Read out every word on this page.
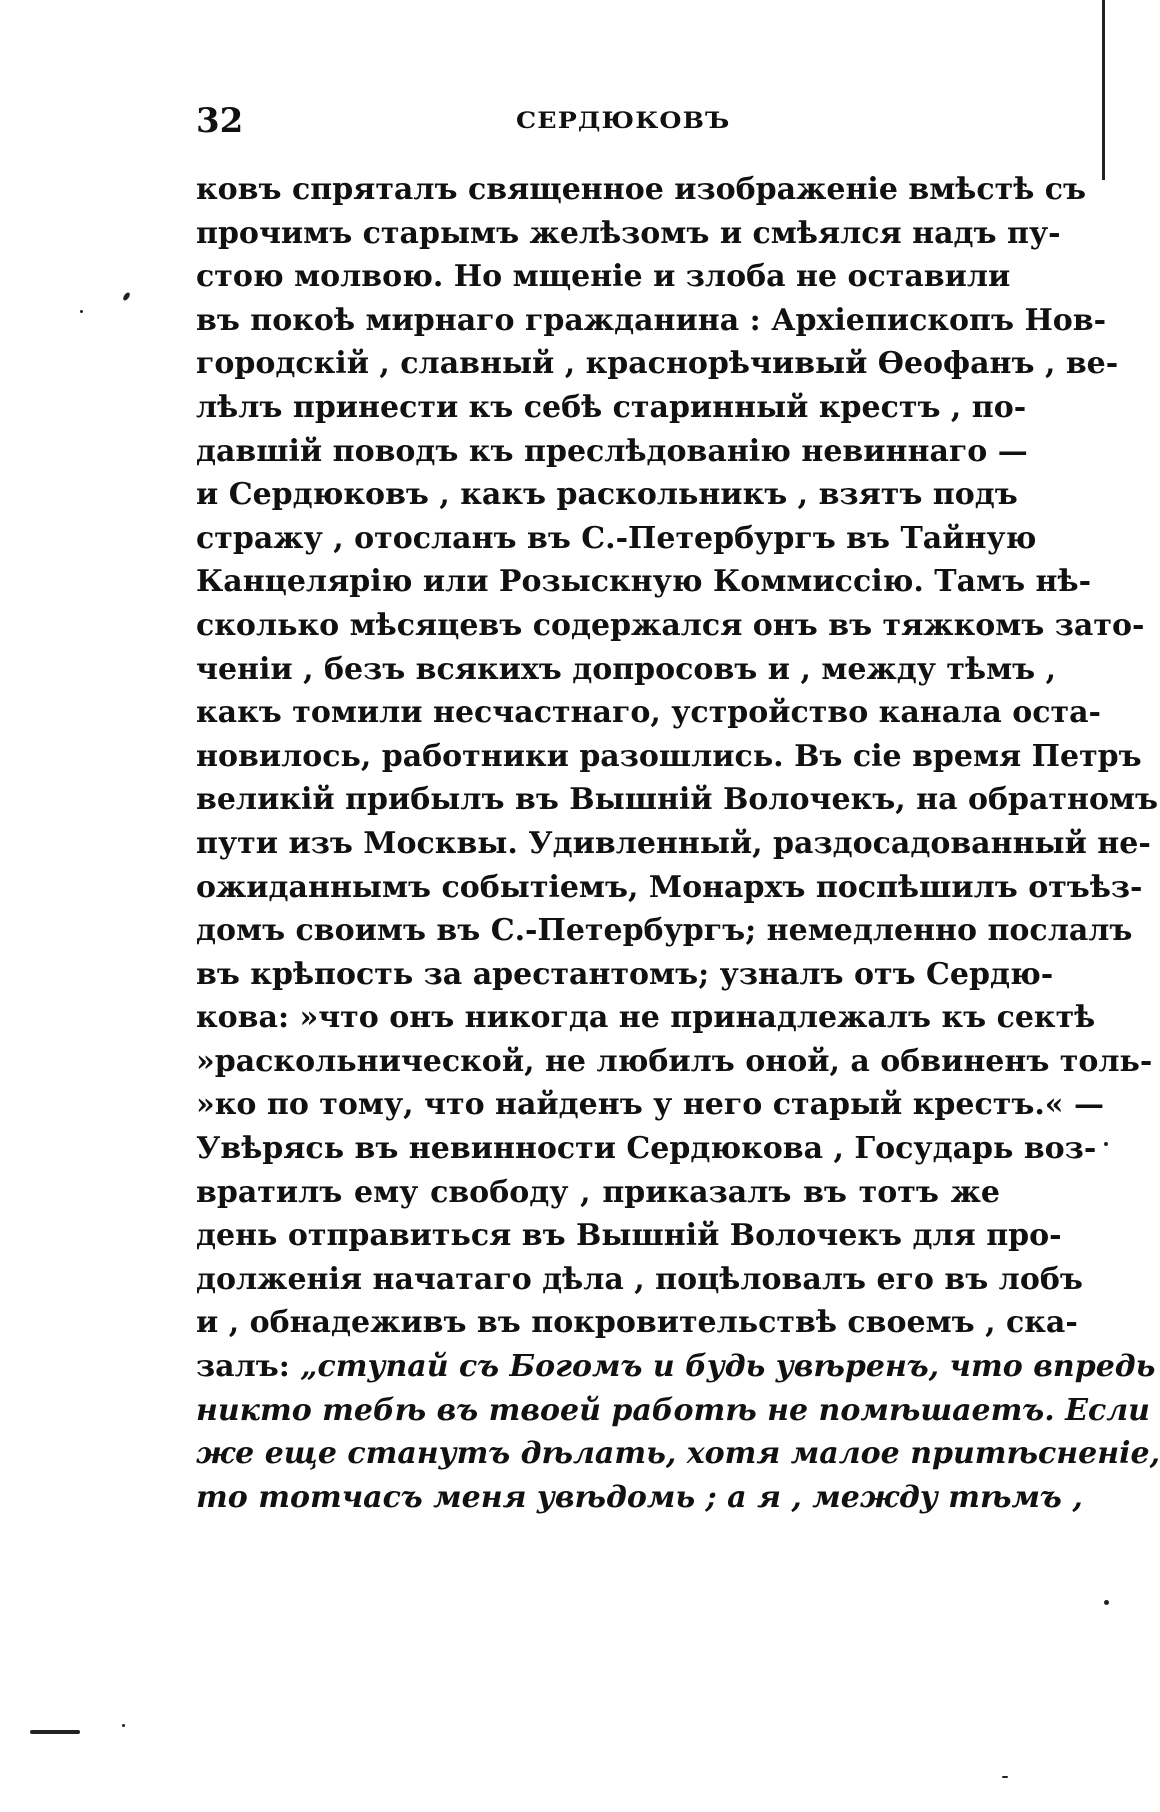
32	СЕРДЮКОВЪ
ковъ спряталъ священное изображенiе вмѣстѣ съ
прочимъ старымъ желѣзомъ и смѣялся надъ пу-
стою молвою. Но мщенiе и злоба не оставили
въ покоѣ мирнаго гражданина : Архiепископъ Нов-
городскiй , славный , краснорѣчивый Ѳеофанъ , ве-
лѣлъ принести къ себѣ старинный крестъ , по-
давшiй поводъ къ преслѣдованiю невиннаго —
и Сердюковъ , какъ раскольникъ , взятъ подъ
стражу , отосланъ въ С.-Петербургъ въ Тайную
Канцелярiю или Розыскную Коммиссiю. Тамъ нѣ-
сколько мѣсяцевъ содержался онъ въ тяжкомъ зато-
ченiи , безъ всякихъ допросовъ и , между тѣмъ ,
какъ томили несчастнаго, устройство канала оста-
новилось, работники разошлись. Въ сiе время Петръ
великiй прибылъ въ Вышнiй Волочекъ, на обратномъ
пути изъ Москвы. Удивленный, раздосадованный не-
ожиданнымъ событiемъ, Монархъ поспѣшилъ отъѣз-
домъ своимъ въ С.-Петербургъ; немедленно послалъ
въ крѣпость за арестантомъ; узналъ отъ Сердю-
кова: »что онъ никогда не принадлежалъ къ сектѣ
»раскольнической, не любилъ оной, а обвиненъ толь-
»ко по тому, что найденъ у него старый крестъ.« —
Увѣрясь въ невинности Сердюкова , Государь воз-
вратилъ ему свободу , приказалъ въ тотъ же
день отправиться въ Вышнiй Волочекъ для про-
долженiя начатаго дѣла , поцѣловалъ его въ лобъ
и , обнадеживъ въ покровительствѣ своемъ , ска-
залъ: „ступай съ Богомъ и будь увѣренъ, что впредь
никто тебѣ въ твоей работѣ не помѣшаетъ. Если
же еще станутъ дѣлать, хотя малое притѣсненiе,
то тотчасъ меня увѣдомь ; а я , между тѣмъ ,
